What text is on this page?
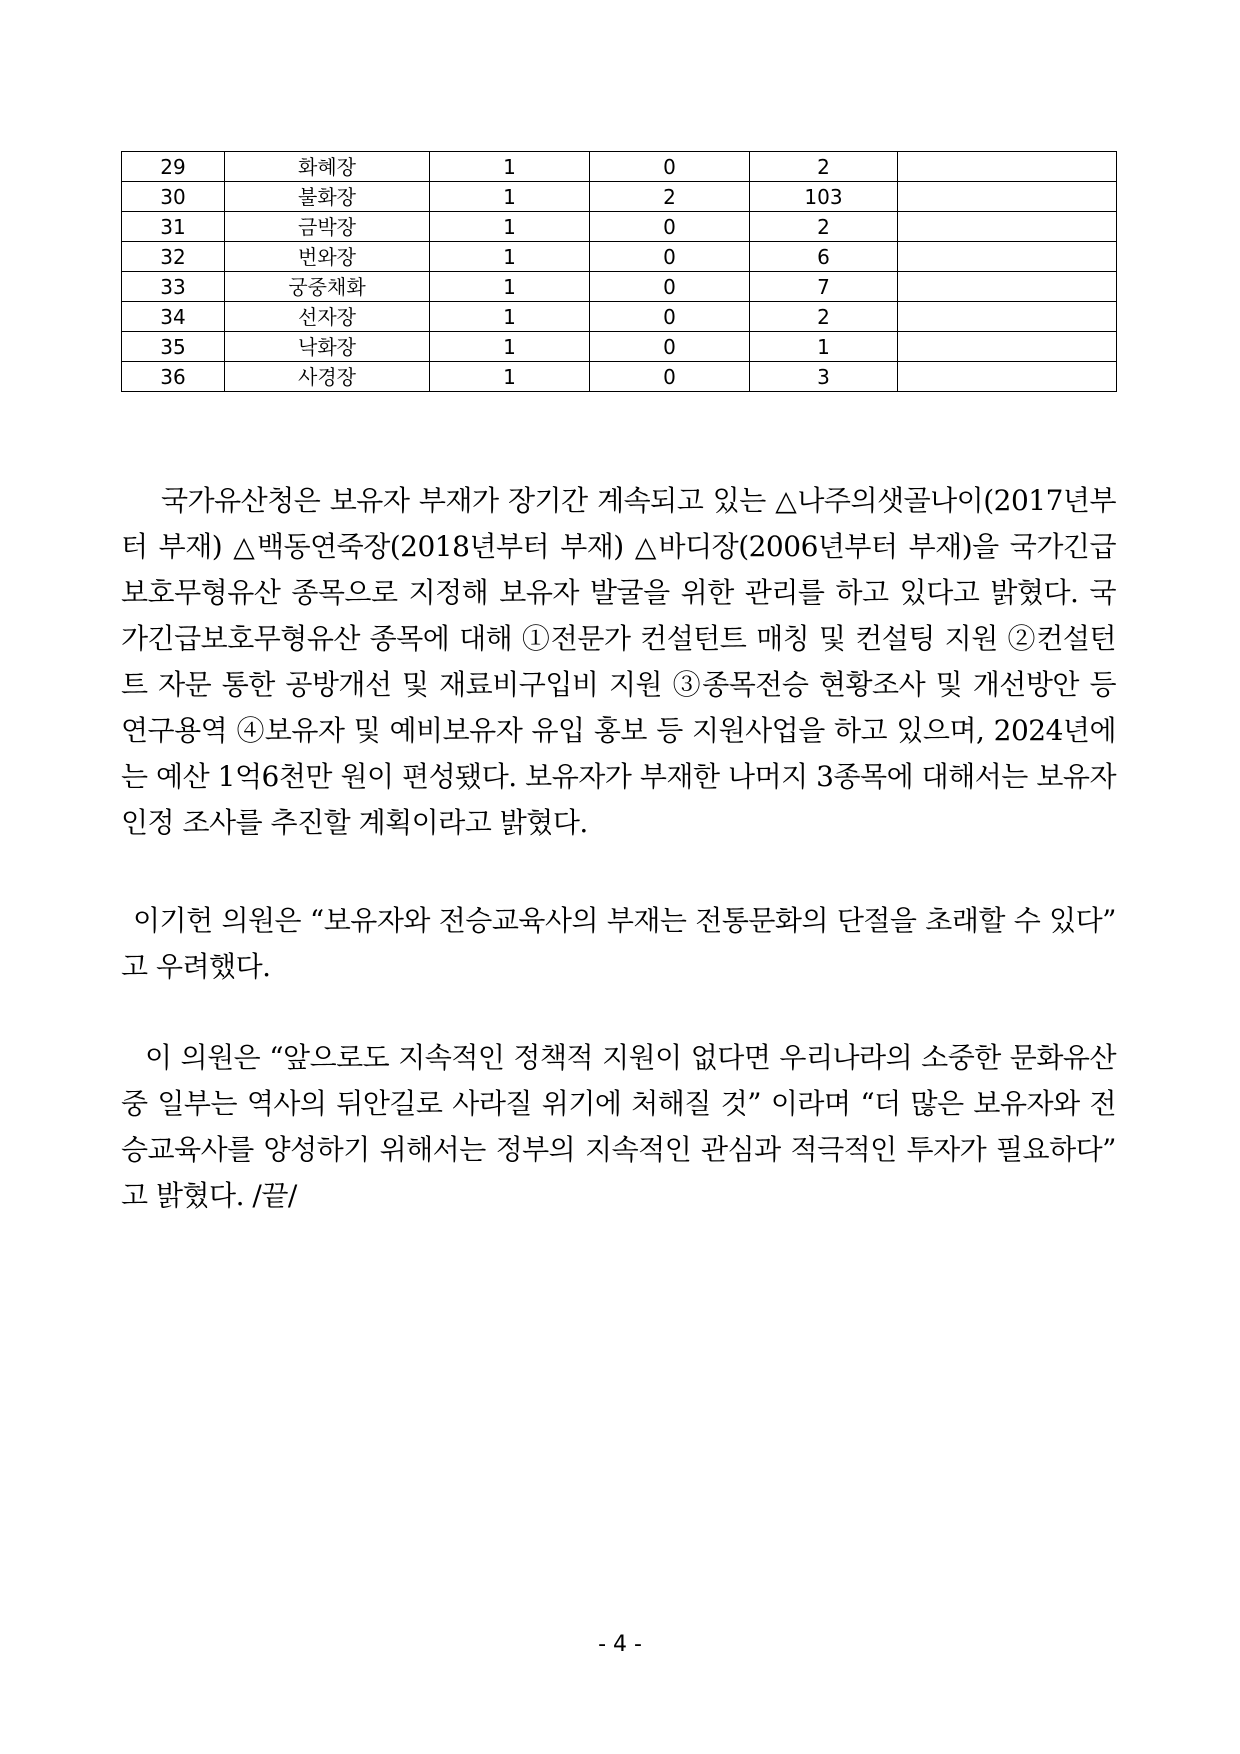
29	화혜장	1	0	2	
30	불화장	1	2	103	
31	금박장	1	0	2	
32	번와장	1	0	6	
33	궁중채화	1	0	7	
34	선자장	1	0	2	
35	낙화장	1	0	1	
36	사경장	1	0	3	

국가유산청은 보유자 부재가 장기간 계속되고 있는 △나주의샛골나이(2017년부터 부재) △백동연죽장(2018년부터 부재) △바디장(2006년부터 부재)을 국가긴급보호무형유산 종목으로 지정해 보유자 발굴을 위한 관리를 하고 있다고 밝혔다. 국가긴급보호무형유산 종목에 대해 ①전문가 컨설턴트 매칭 및 컨설팅 지원 ②컨설턴트 자문 통한 공방개선 및 재료비구입비 지원 ③종목전승 현황조사 및 개선방안 등 연구용역 ④보유자 및 예비보유자 유입 홍보 등 지원사업을 하고 있으며, 2024년에는 예산 1억6천만 원이 편성됐다. 보유자가 부재한 나머지 3종목에 대해서는 보유자 인정 조사를 추진할 계획이라고 밝혔다.

이기헌 의원은 “보유자와 전승교육사의 부재는 전통문화의 단절을 초래할 수 있다” 고 우려했다.

이 의원은 “앞으로도 지속적인 정책적 지원이 없다면 우리나라의 소중한 문화유산 중 일부는 역사의 뒤안길로 사라질 위기에 처해질 것” 이라며 “더 많은 보유자와 전승교육사를 양성하기 위해서는 정부의 지속적인 관심과 적극적인 투자가 필요하다” 고 밝혔다. /끝/

- 4 -
